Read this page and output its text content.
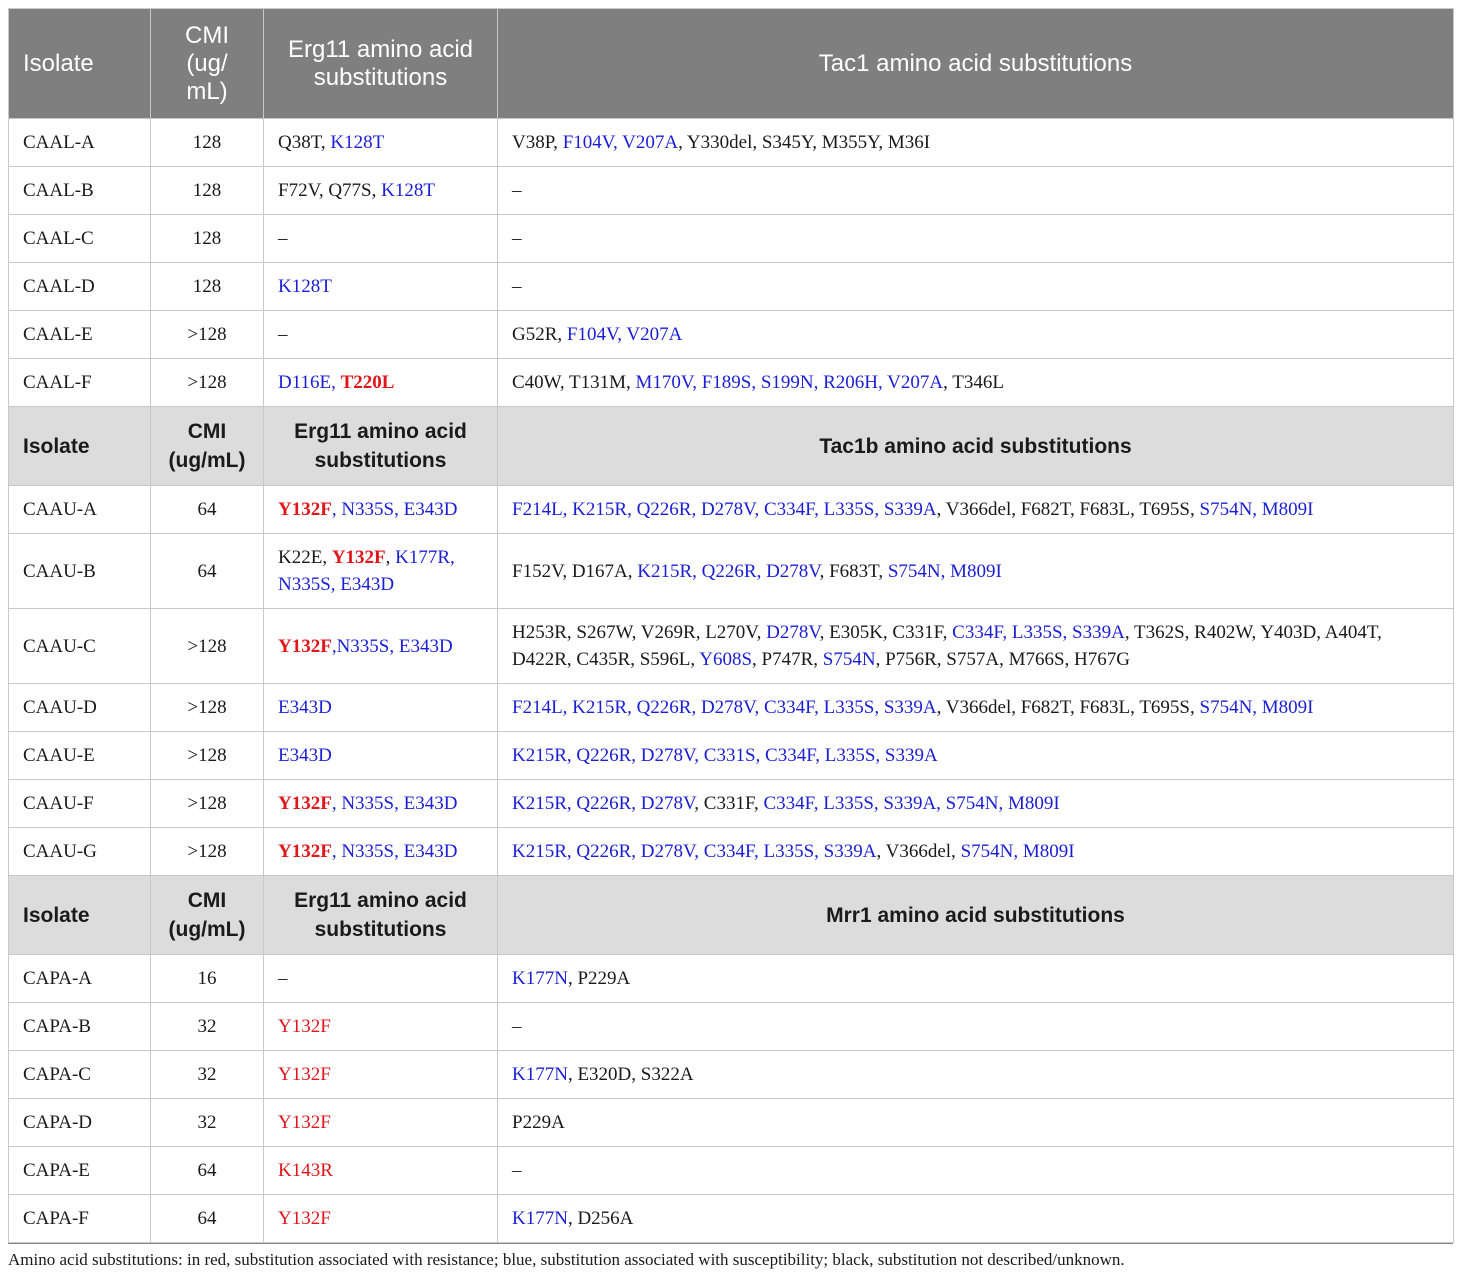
Isolate	CMI (ug/ mL)	Erg11 amino acid substitutions	Tac1 amino acid substitutions
CAAL-A	128	Q38T, K128T	V38P, F104V, V207A, Y330del, S345Y, M355Y, M36I
CAAL-B	128	F72V, Q77S, K128T	–
CAAL-C	128	–	–
CAAL-D	128	K128T	–
CAAL-E	>128	–	G52R, F104V, V207A
CAAL-F	>128	D116E, T220L	C40W, T131M, M170V, F189S, S199N, R206H, V207A, T346L
Isolate	CMI (ug/mL)	Erg11 amino acid substitutions	Tac1b amino acid substitutions
CAAU-A	64	Y132F, N335S, E343D	F214L, K215R, Q226R, D278V, C334F, L335S, S339A, V366del, F682T, F683L, T695S, S754N, M809I
CAAU-B	64	K22E, Y132F, K177R, N335S, E343D	F152V, D167A, K215R, Q226R, D278V, F683T, S754N, M809I
CAAU-C	>128	Y132F,N335S, E343D	H253R, S267W, V269R, L270V, D278V, E305K, C331F, C334F, L335S, S339A, T362S, R402W, Y403D, A404T, D422R, C435R, S596L, Y608S, P747R, S754N, P756R, S757A, M766S, H767G
CAAU-D	>128	E343D	F214L, K215R, Q226R, D278V, C334F, L335S, S339A, V366del, F682T, F683L, T695S, S754N, M809I
CAAU-E	>128	E343D	K215R, Q226R, D278V, C331S, C334F, L335S, S339A
CAAU-F	>128	Y132F, N335S, E343D	K215R, Q226R, D278V, C331F, C334F, L335S, S339A, S754N, M809I
CAAU-G	>128	Y132F, N335S, E343D	K215R, Q226R, D278V, C334F, L335S, S339A, V366del, S754N, M809I
Isolate	CMI (ug/mL)	Erg11 amino acid substitutions	Mrr1 amino acid substitutions
CAPA-A	16	–	K177N, P229A
CAPA-B	32	Y132F	–
CAPA-C	32	Y132F	K177N, E320D, S322A
CAPA-D	32	Y132F	P229A
CAPA-E	64	K143R	–
CAPA-F	64	Y132F	K177N, D256A
Amino acid substitutions: in red, substitution associated with resistance; blue, substitution associated with susceptibility; black, substitution not described/unknown.
